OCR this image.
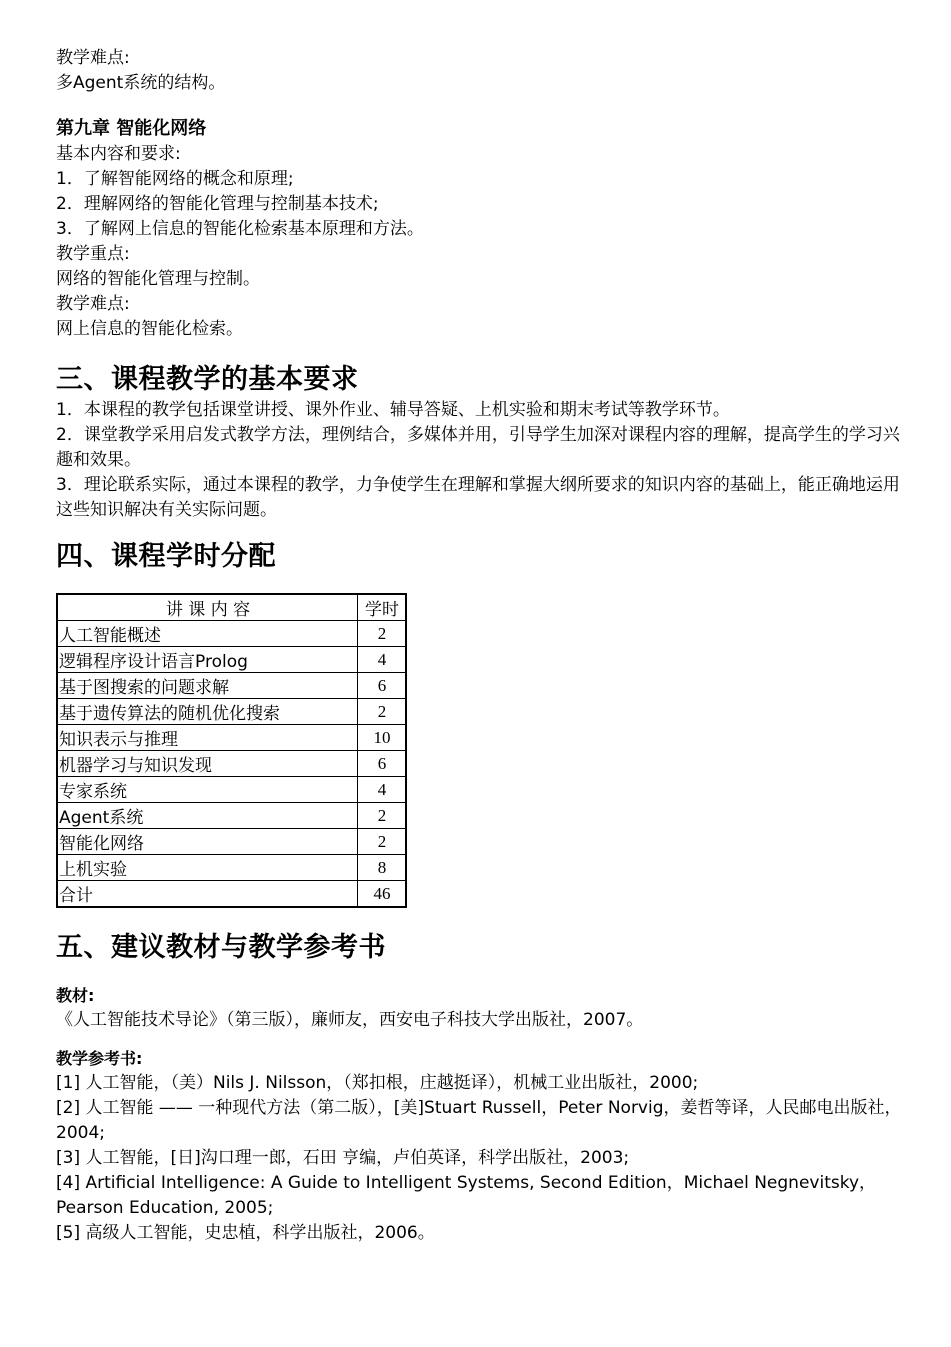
教学难点:
多Agent系统的结构。
第九章 智能化网络
基本内容和要求:
1．了解智能网络的概念和原理;
2．理解网络的智能化管理与控制基本技术;
3．了解网上信息的智能化检索基本原理和方法。
教学重点:
网络的智能化管理与控制。
教学难点:
网上信息的智能化检索。
三、课程教学的基本要求
1．本课程的教学包括课堂讲授、课外作业、辅导答疑、上机实验和期末考试等教学环节。
2．课堂教学采用启发式教学方法，理例结合，多媒体并用，引导学生加深对课程内容的理解，提高学生的学习兴趣和效果。
3．理论联系实际，通过本课程的教学，力争使学生在理解和掌握大纲所要求的知识内容的基础上，能正确地运用这些知识解决有关实际问题。
四、课程学时分配
讲 课 内 容	学时
人工智能概述	2
逻辑程序设计语言Prolog	4
基于图搜索的问题求解	6
基于遗传算法的随机优化搜索	2
知识表示与推理	10
机器学习与知识发现	6
专家系统	4
Agent系统	2
智能化网络	2
上机实验	8
合计	46
五、建议教材与教学参考书
教材:
《人工智能技术导论》（第三版），廉师友，西安电子科技大学出版社，2007。
教学参考书:
[1] 人工智能，（美）Nils J. Nilsson，（郑扣根，庄越挺译），机械工业出版社，2000;
[2] 人工智能 —— 一种现代方法（第二版），[美]Stuart Russell，Peter Norvig，姜哲等译，人民邮电出版社，2004;
[3] 人工智能，[日]沟口理一郎，石田 亨编，卢伯英译，科学出版社，2003;
[4] Artificial Intelligence: A Guide to Intelligent Systems, Second Edition，Michael Negnevitsky，Pearson Education, 2005;
[5] 高级人工智能，史忠植，科学出版社，2006。
